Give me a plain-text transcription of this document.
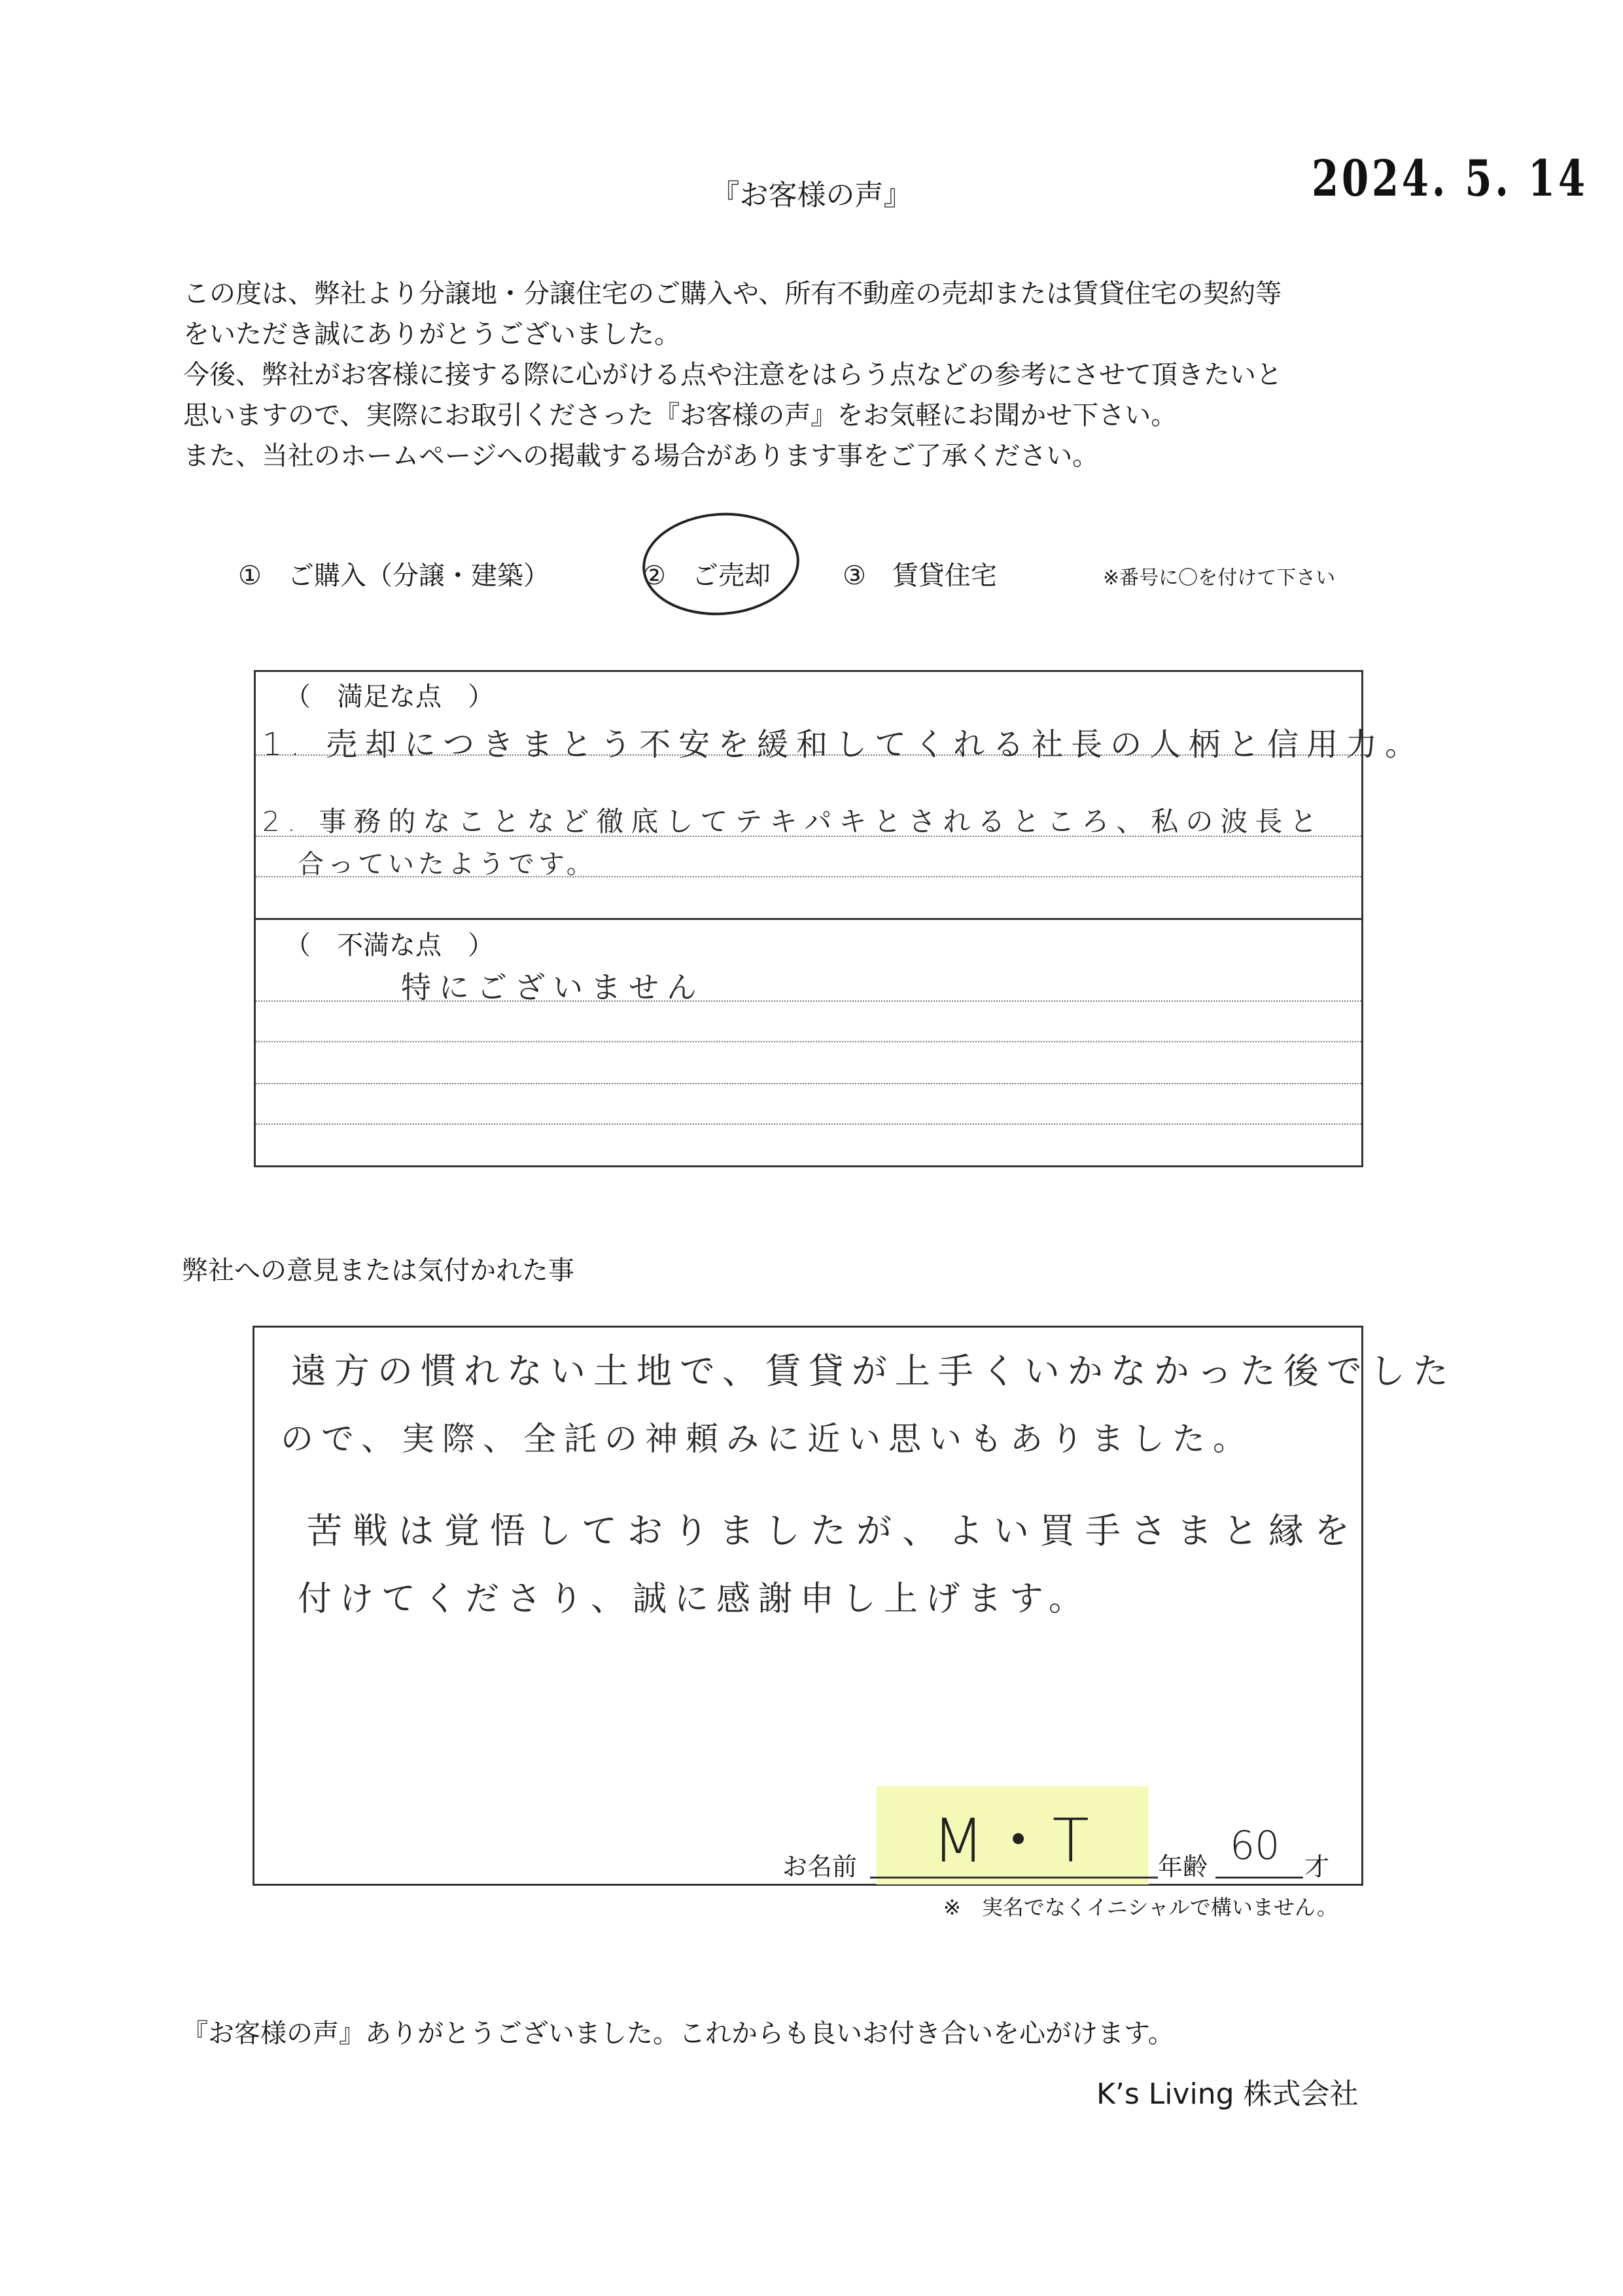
2024. 5. 14
『お客様の声』

この度は、弊社より分譲地・分譲住宅のご購入や、所有不動産の売却または賃貸住宅の契約等

をいただき誠にありがとうございました。

今後、弊社がお客様に接する際に心がける点や注意をはらう点などの参考にさせて頂きたいと

思いますので、実際にお取引くださった『お客様の声』をお気軽にお聞かせ下さい。

また、当社のホームページへの掲載する場合があります事をご了承ください。

①　ご購入（分譲・建築）	②　ご売却	③　賃貸住宅	※番号に〇を付けて下さい
（　満足な点　）
（　不満な点　）
1. 売却につきまとう不安を緩和してくれる社長の人柄と信用力。
2. 事務的なことなど徹底してテキパキとされるところ、私の波長と
合っていたようです。
特にございません
弊社への意見または気付かれた事
遠方の慣れない土地で、賃貸が上手くいかなかった後でした
ので、実際、全託の神頼みに近い思いもありました。
苦戦は覚悟しておりましたが、よい買手さまと縁を
付けてくださり、誠に感謝申し上げます。
お名前	M・T	年齢 60 才
※　実名でなくイニシャルで構いません。
『お客様の声』ありがとうございました。これからも良いお付き合いを心がけます。
K’s Living 株式会社
